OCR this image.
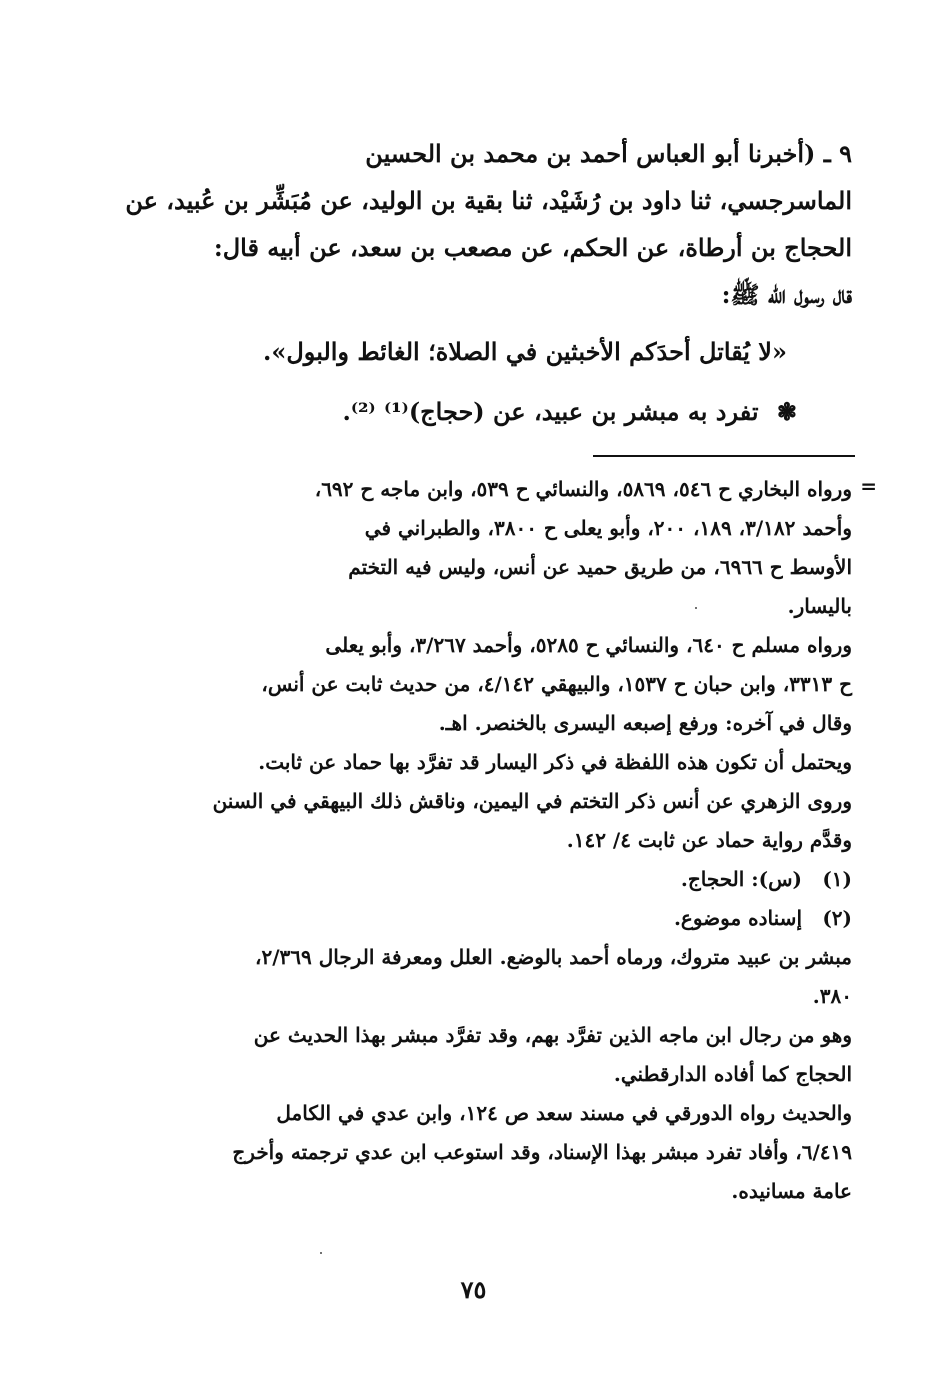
٩ ـ (أخبرنا أبو العباس أحمد بن محمد بن الحسين

الماسرجسي، ثنا داود بن رُشَيْد، ثنا بقية بن الوليد، عن مُبَشِّر بن عُبيد، عن

الحجاج بن أرطاة، عن الحكم، عن مصعب بن سعد، عن أبيه قال:

قال رسول الله ﷺ:

«لا يُقاتل أحدَكم الأخبثين في الصلاة؛ الغائط والبول».
❃ تفرد به مبشر بن عبيد، عن (حجاج)⁽¹⁾ ⁽²⁾.
=

ورواه البخاري ح ٥٤٦، ٥٨٦٩، والنسائي ح ٥٣٩، وابن ماجه ح ٦٩٢،

وأحمد ٣/١٨٢، ١٨٩، ٢٠٠، وأبو يعلى ح ٣٨٠٠، والطبراني في

الأوسط ح ٦٩٦٦، من طريق حميد عن أنس، وليس فيه التختم

باليسار.

ورواه مسلم ح ٦٤٠، والنسائي ح ٥٢٨٥، وأحمد ٣/٢٦٧، وأبو يعلى

ح ٣٣١٣، وابن حبان ح ١٥٣٧، والبيهقي ٤/١٤٢، من حديث ثابت عن أنس،

وقال في آخره: ورفع إصبعه اليسرى بالخنصر. اهـ.

ويحتمل أن تكون هذه اللفظة في ذكر اليسار قد تفرَّد بها حماد عن ثابت.

وروى الزهري عن أنس ذكر التختم في اليمين، وناقش ذلك البيهقي في السنن

وقدَّم رواية حماد عن ثابت ٤/ ١٤٢.

(١)
(س): الحجاج.
(٢)
إسناده موضوع.

مبشر بن عبيد متروك، ورماه أحمد بالوضع. العلل ومعرفة الرجال ٢/٣٦٩،

٣٨٠.

وهو من رجال ابن ماجه الذين تفرَّد بهم، وقد تفرَّد مبشر بهذا الحديث عن

الحجاج كما أفاده الدارقطني.

والحديث رواه الدورقي في مسند سعد ص ١٢٤، وابن عدي في الكامل

٦/٤١٩، وأفاد تفرد مبشر بهذا الإسناد، وقد استوعب ابن عدي ترجمته وأخرج

عامة مسانيده.

٧٥
